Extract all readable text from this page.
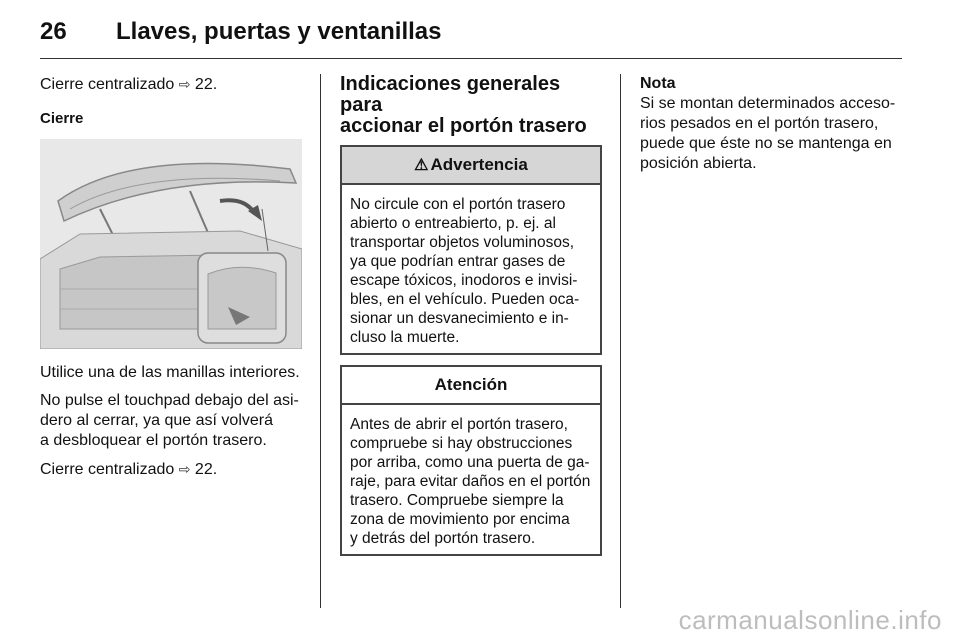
26 Llaves, puertas y ventanillas

Cierre centralizado ⇨ 22.

Cierre

Utilice una de las manillas interiores.

No pulse el touchpad debajo del asi-
dero al cerrar, ya que así volverá
a desbloquear el portón trasero.

Cierre centralizado ⇨ 22.

Indicaciones generales para
accionar el portón trasero
⚠ Advertencia
No circule con el portón trasero
abierto o entreabierto, p. ej. al
transportar objetos voluminosos,
ya que podrían entrar gases de
escape tóxicos, inodoros e invisi-
bles, en el vehículo. Pueden oca-
sionar un desvanecimiento e in-
cluso la muerte.
Atención
Antes de abrir el portón trasero,
compruebe si hay obstrucciones
por arriba, como una puerta de ga-
raje, para evitar daños en el portón
trasero. Compruebe siempre la
zona de movimiento por encima
y detrás del portón trasero.
Nota
Si se montan determinados acceso-
rios pesados en el portón trasero,
puede que éste no se mantenga en
posición abierta.
carmanualsonline.info
